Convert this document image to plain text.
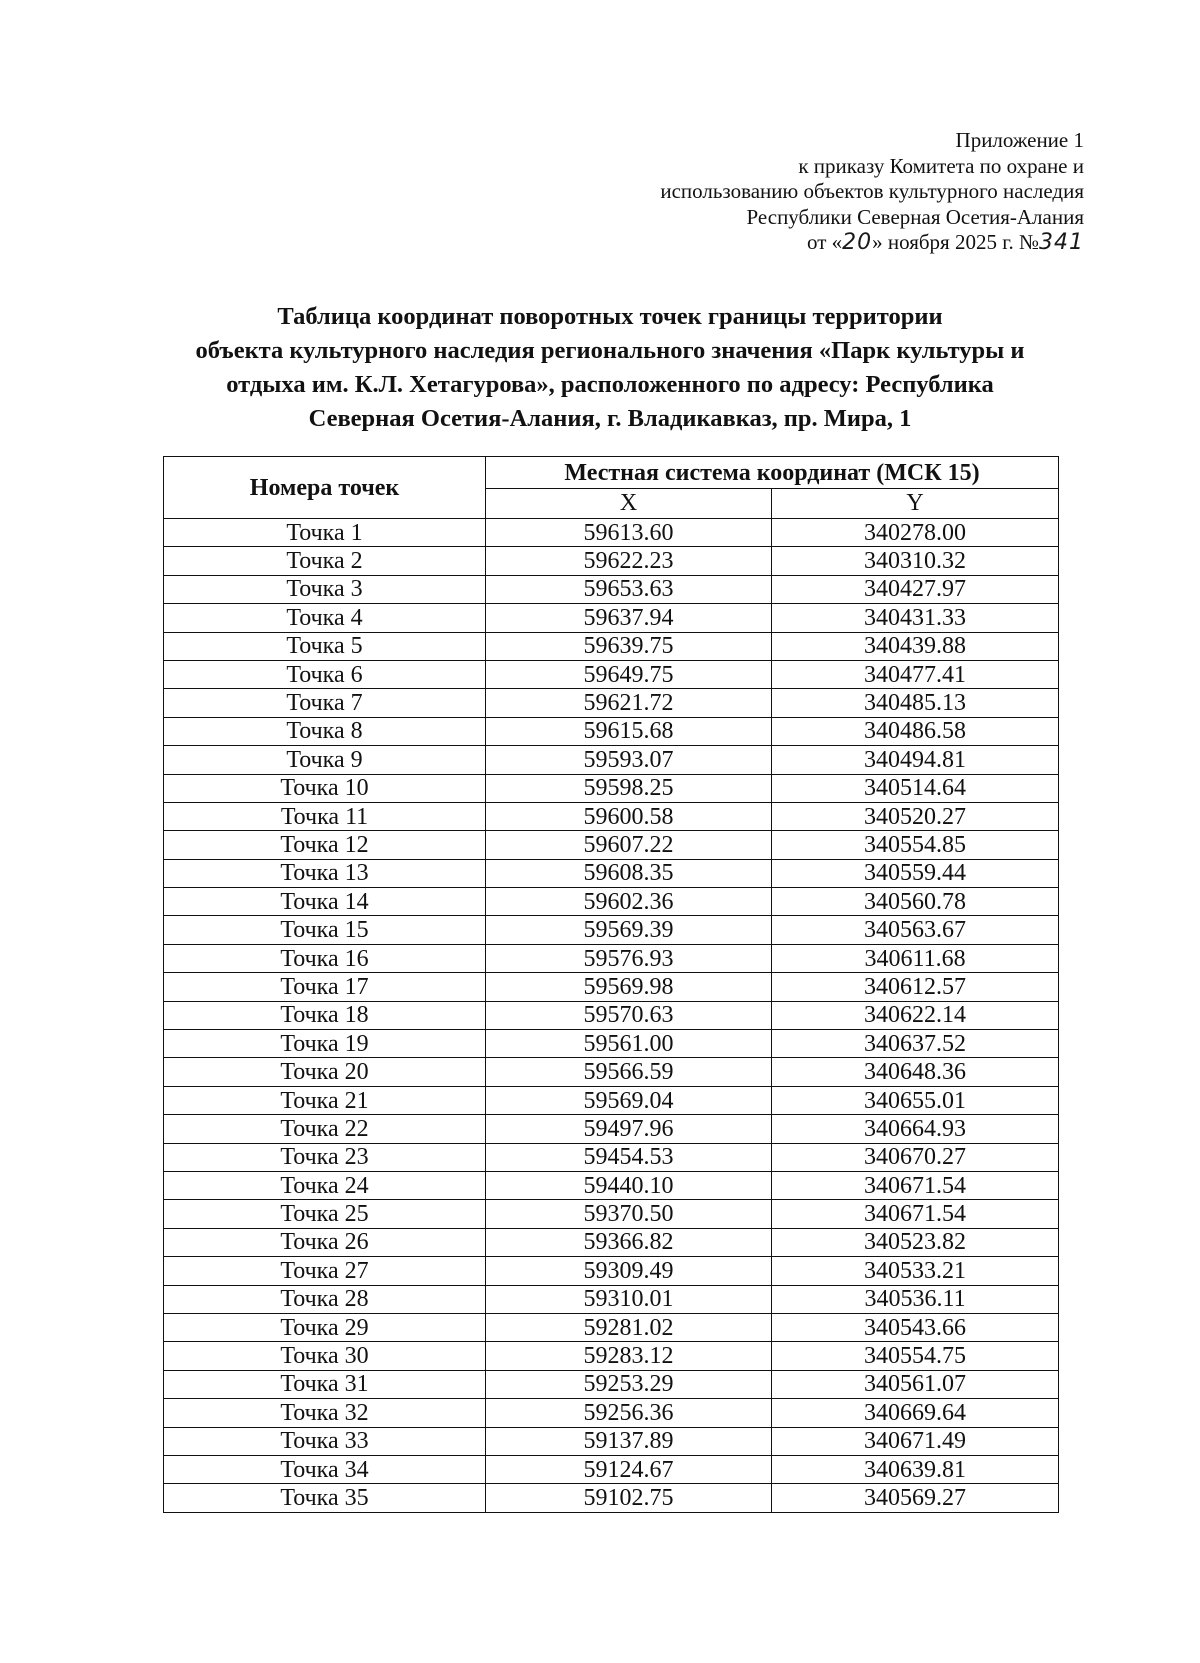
Приложение 1
к приказу Комитета по охране и
использованию объектов культурного наследия
Республики Северная Осетия-Алания
от «20» ноября 2025 г. №341
Таблица координат поворотных точек границы территории
объекта культурного наследия регионального значения «Парк культуры и
отдыха им. К.Л. Хетагурова», расположенного по адресу: Республика
Северная Осетия-Алания, г. Владикавказ, пр. Мира, 1
Номера точек	Местная система координат (МСК 15)	
	X	Y
Точка 1	59613.60	340278.00
Точка 2	59622.23	340310.32
Точка 3	59653.63	340427.97
Точка 4	59637.94	340431.33
Точка 5	59639.75	340439.88
Точка 6	59649.75	340477.41
Точка 7	59621.72	340485.13
Точка 8	59615.68	340486.58
Точка 9	59593.07	340494.81
Точка 10	59598.25	340514.64
Точка 11	59600.58	340520.27
Точка 12	59607.22	340554.85
Точка 13	59608.35	340559.44
Точка 14	59602.36	340560.78
Точка 15	59569.39	340563.67
Точка 16	59576.93	340611.68
Точка 17	59569.98	340612.57
Точка 18	59570.63	340622.14
Точка 19	59561.00	340637.52
Точка 20	59566.59	340648.36
Точка 21	59569.04	340655.01
Точка 22	59497.96	340664.93
Точка 23	59454.53	340670.27
Точка 24	59440.10	340671.54
Точка 25	59370.50	340671.54
Точка 26	59366.82	340523.82
Точка 27	59309.49	340533.21
Точка 28	59310.01	340536.11
Точка 29	59281.02	340543.66
Точка 30	59283.12	340554.75
Точка 31	59253.29	340561.07
Точка 32	59256.36	340669.64
Точка 33	59137.89	340671.49
Точка 34	59124.67	340639.81
Точка 35	59102.75	340569.27
